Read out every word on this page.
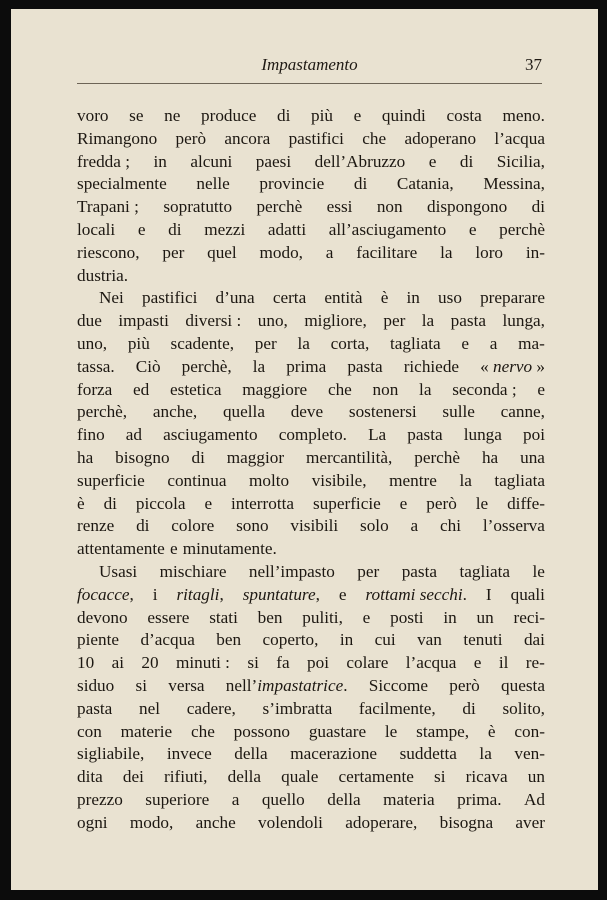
Impastamento	37
voro se ne produce di più e quindi costa meno.
Rimangono però ancora pastifici che adoperano l’acqua
fredda ; in alcuni paesi dell’Abruzzo e di Sicilia,
specialmente nelle provincie di Catania, Messina,
Trapani ; sopratutto perchè essi non dispongono di
locali e di mezzi adatti all’asciugamento e perchè
riescono, per quel modo, a facilitare la loro in-
dustria.
Nei pastifici d’una certa entità è in uso preparare
due impasti diversi : uno, migliore, per la pasta lunga,
uno, più scadente, per la corta, tagliata e a ma-
tassa. Ciò perchè, la prima pasta richiede « nervo »
forza ed estetica maggiore che non la seconda ; e
perchè, anche, quella deve sostenersi sulle canne,
fino ad asciugamento completo. La pasta lunga poi
ha bisogno di maggior mercantilità, perchè ha una
superficie continua molto visibile, mentre la tagliata
è di piccola e interrotta superficie e però le diffe-
renze di colore sono visibili solo a chi l’osserva
attentamente e minutamente.
Usasi mischiare nell’impasto per pasta tagliata le
focacce, i ritagli, spuntature, e rottami secchi. I quali
devono essere stati ben puliti, e posti in un reci-
piente d’acqua ben coperto, in cui van tenuti dai
10 ai 20 minuti : si fa poi colare l’acqua e il re-
siduo si versa nell’impastatrice. Siccome però questa
pasta nel cadere, s’imbratta facilmente, di solito,
con materie che possono guastare le stampe, è con-
sigliabile, invece della macerazione suddetta la ven-
dita dei rifiuti, della quale certamente si ricava un
prezzo superiore a quello della materia prima. Ad
ogni modo, anche volendoli adoperare, bisogna aver
